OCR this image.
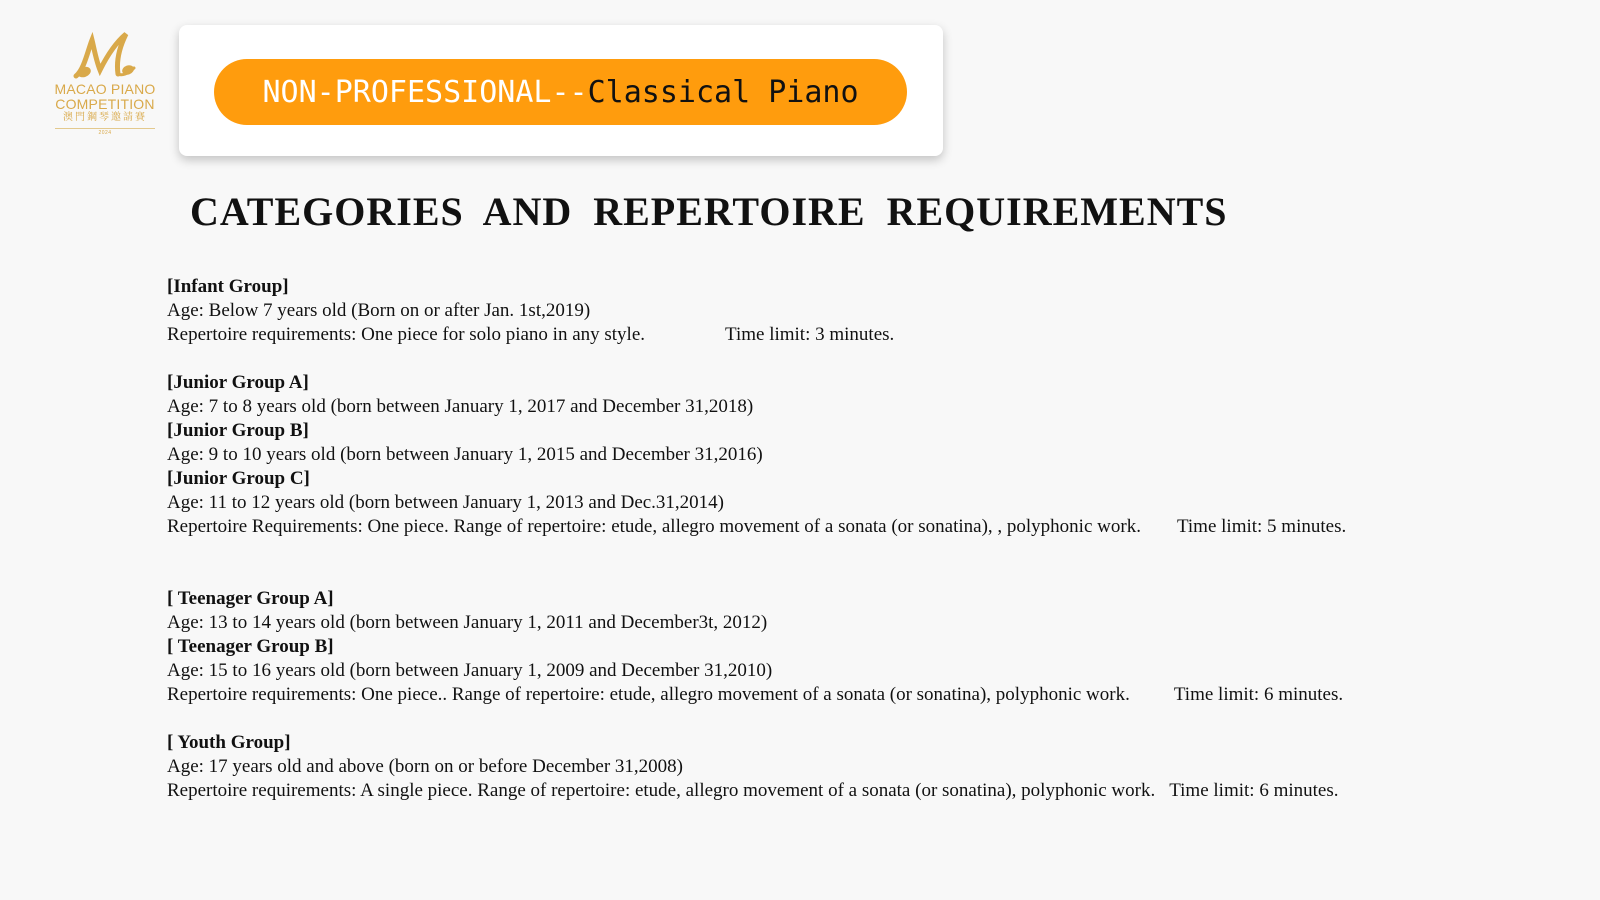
MACAO PIANO
COMPETITION
澳門鋼琴邀請賽
2024
NON-PROFESSIONAL-- Classical Piano
CATEGORIES AND REPERTOIRE REQUIREMENTS
[Infant Group]
Age: Below 7 years old (Born on or after Jan. 1st,2019)
Repertoire requirements: One piece for solo piano in any style.	Time limit: 3 minutes.
[Junior Group A]
Age: 7 to 8 years old (born between January 1, 2017 and December 31,2018)
[Junior Group B]
Age: 9 to 10 years old (born between January 1, 2015 and December 31,2016)
[Junior Group C]
Age: 11 to 12 years old (born between January 1, 2013 and Dec.31,2014)
Repertoire Requirements: One piece. Range of repertoire: etude, allegro movement of a sonata (or sonatina), , polyphonic work. Time limit: 5 minutes.
[ Teenager Group A]
Age: 13 to 14 years old (born between January 1, 2011 and December3t, 2012)
[ Teenager Group B]
Age: 15 to 16 years old (born between January 1, 2009 and December 31,2010)
Repertoire requirements: One piece.. Range of repertoire: etude, allegro movement of a sonata (or sonatina), polyphonic work. Time limit: 6 minutes.
[ Youth Group]
Age: 17 years old and above (born on or before December 31,2008)
Repertoire requirements: A single piece. Range of repertoire: etude, allegro movement of a sonata (or sonatina), polyphonic work. Time limit: 6 minutes.
